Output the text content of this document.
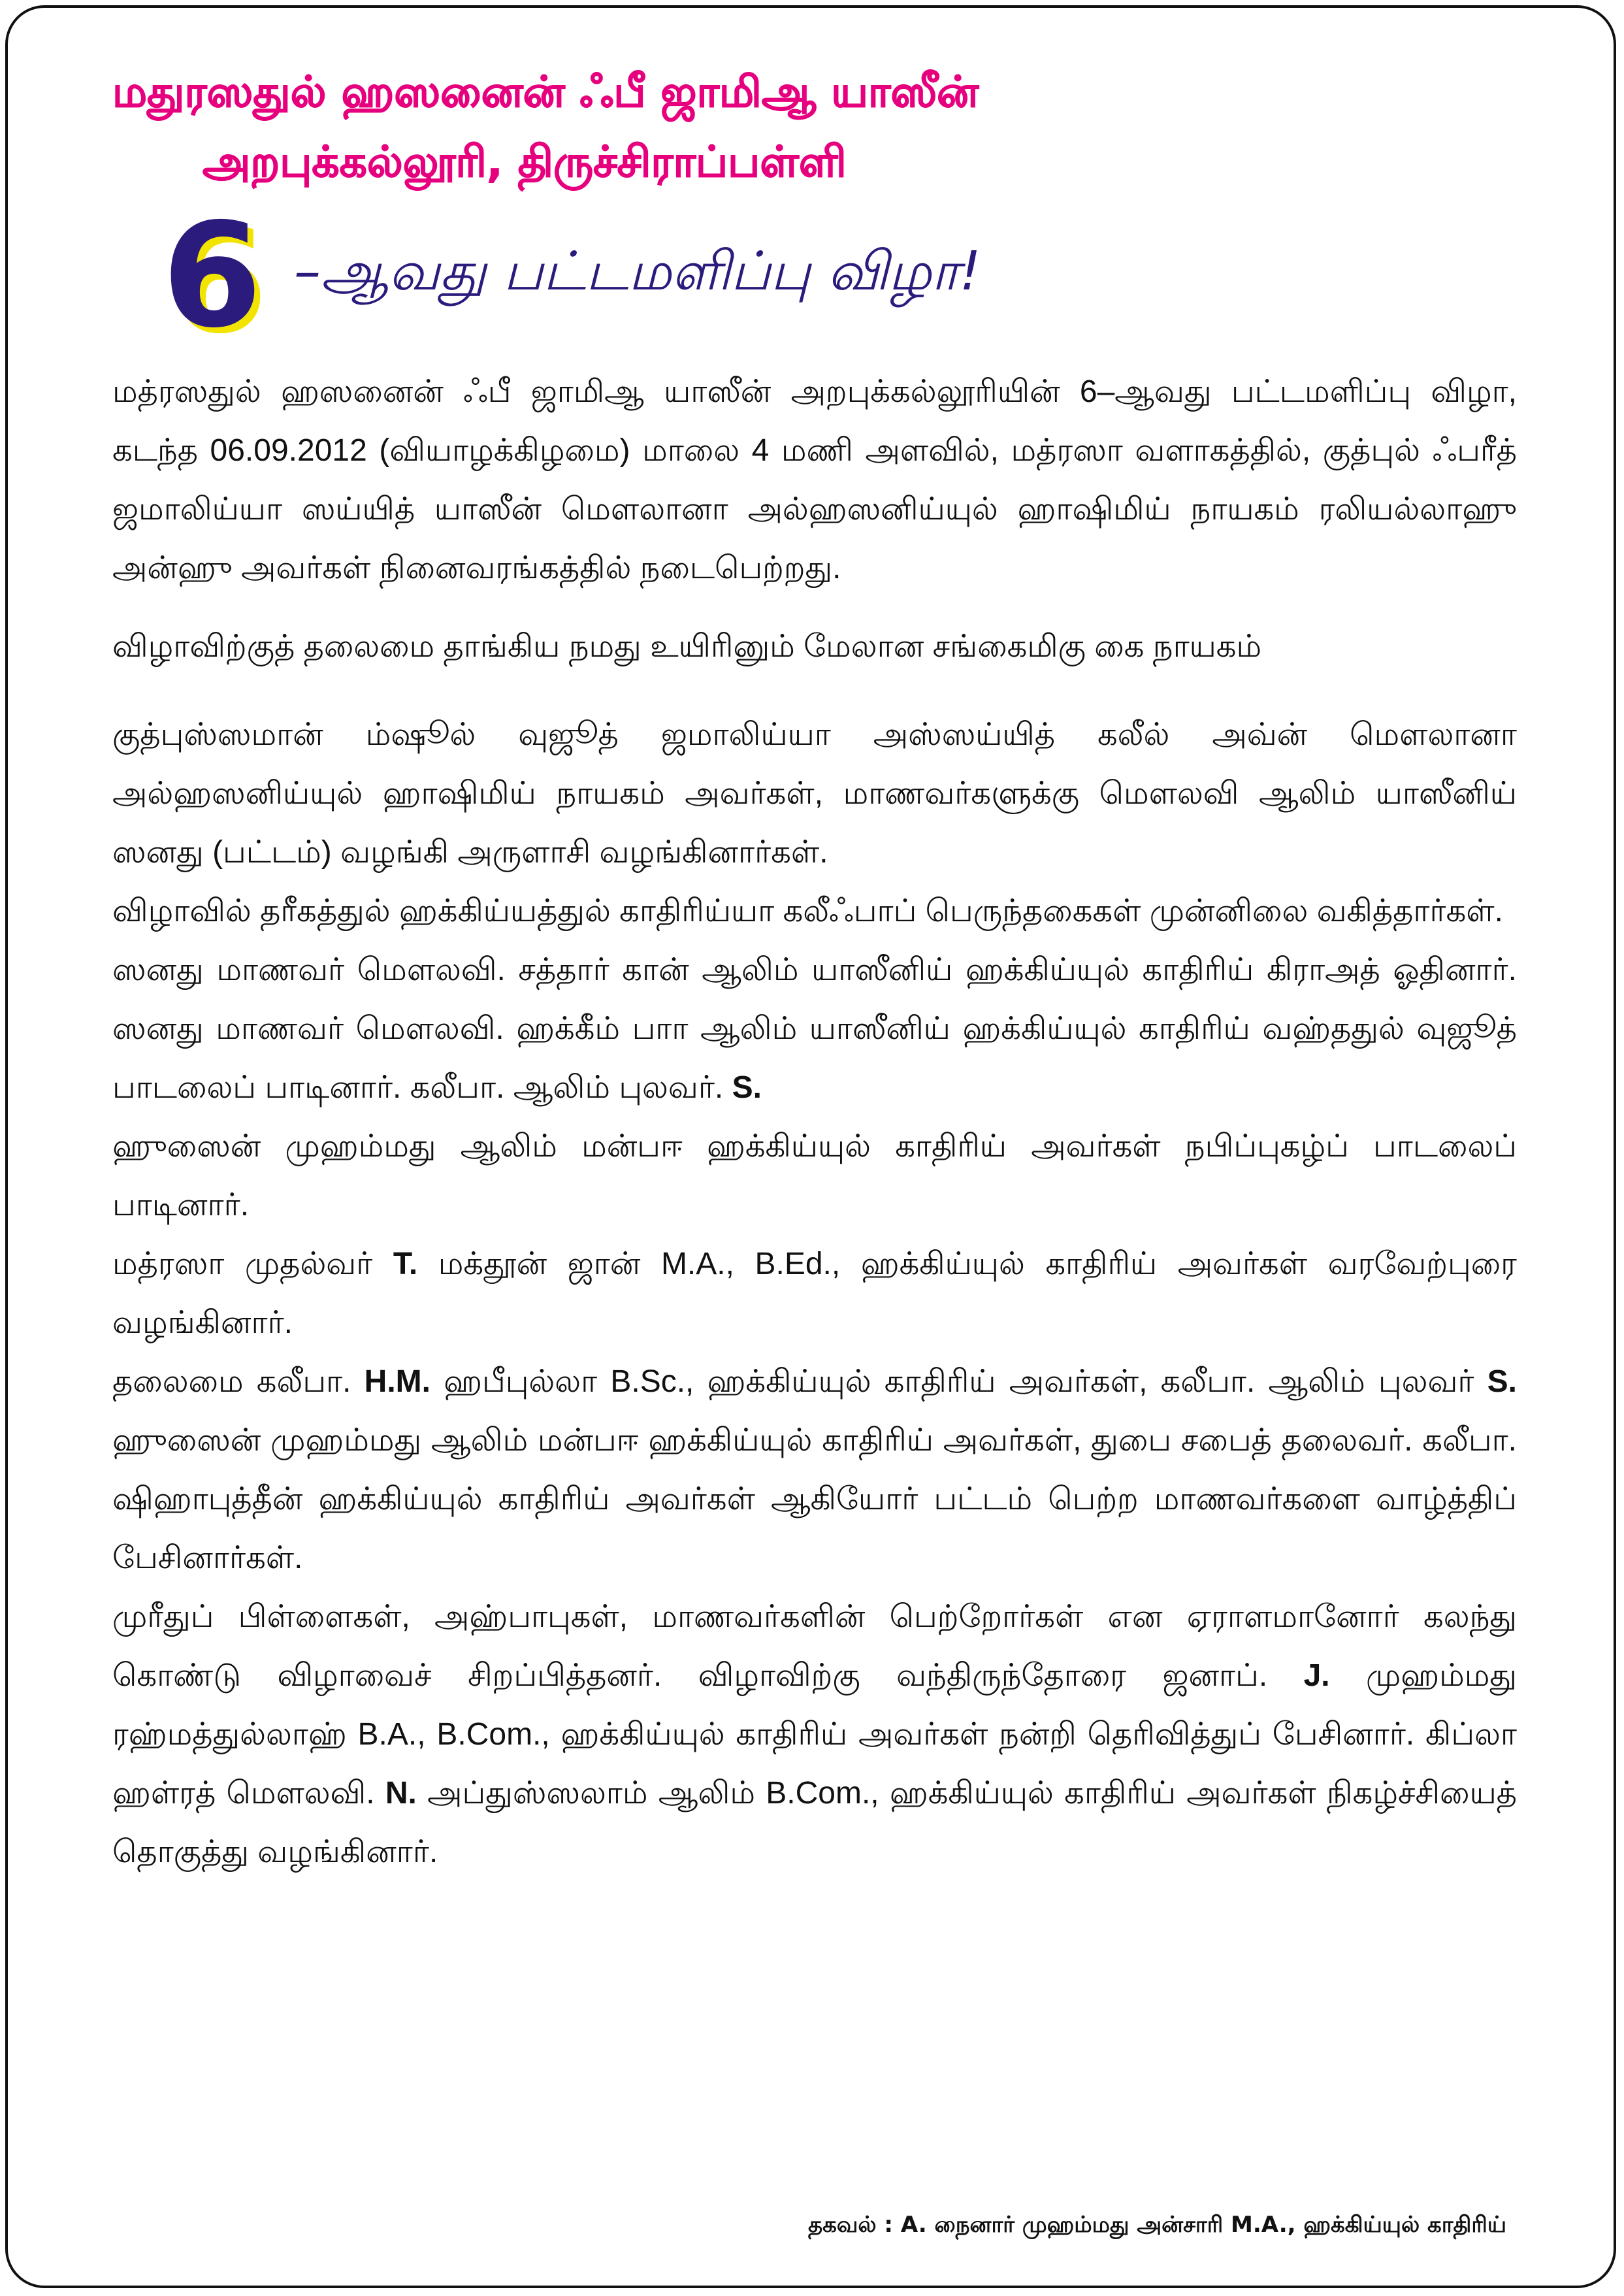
மதுரஸதுல் ஹஸனைன் ஃபீ ஜாமிஆ யாஸீன்
அறபுக்கல்லூரி, திருச்சிராப்பள்ளி
6 –ஆவது பட்டமளிப்பு விழா!

மத்ரஸதுல் ஹஸனைன் ஃபீ ஜாமிஆ யாஸீன் அறபுக்கல்லூரியின் 6–ஆவது பட்டமளிப்பு விழா, கடந்த 06.09.2012 (வியாழக்கிழமை) மாலை 4 மணி அளவில், மத்ரஸா வளாகத்தில், குத்புல் ஃபரீத் ஜமாலிய்யா ஸய்யித் யாஸீன் மௌலானா அல்ஹஸனிய்யுல் ஹாஷிமிய் நாயகம் ரலியல்லாஹு அன்ஹு அவர்கள் நினைவரங்கத்தில் நடைபெற்றது.

விழாவிற்குத் தலைமை தாங்கிய நமது உயிரினும் மேலான சங்கைமிகு கை நாயகம்

குத்புஸ்ஸமான் ம்ஷூல் வுஜூத் ஜமாலிய்யா அஸ்ஸய்யித் கலீல் அவ்ன் மௌலானா அல்ஹஸனிய்யுல் ஹாஷிமிய் நாயகம் அவர்கள், மாணவர்களுக்கு மௌலவி ஆலிம் யாஸீனிய் ஸனது (பட்டம்) வழங்கி அருளாசி வழங்கினார்கள்.

விழாவில் தரீகத்துல் ஹக்கிய்யத்துல் காதிரிய்யா கலீஃபாப் பெருந்தகைகள் முன்னிலை வகித்தார்கள்.

ஸனது மாணவர் மௌலவி. சத்தார் கான் ஆலிம் யாஸீனிய் ஹக்கிய்யுல் காதிரிய் கிராஅத் ஓதினார். ஸனது மாணவர் மௌலவி. ஹக்கீம் பாா ஆலிம் யாஸீனிய் ஹக்கிய்யுல் காதிரிய் வஹ்ததுல் வுஜூத் பாடலைப் பாடினார். கலீபா. ஆலிம் புலவர். S.
ஹுஸைன் முஹம்மது ஆலிம் மன்பஈ ஹக்கிய்யுல் காதிரிய் அவர்கள் நபிப்புகழ்ப் பாடலைப் பாடினார்.

மத்ரஸா முதல்வர் T. மக்தூன் ஜான் M.A., B.Ed., ஹக்கிய்யுல் காதிரிய் அவர்கள் வரவேற்புரை வழங்கினார்.

தலைமை கலீபா. H.M. ஹபீபுல்லா B.Sc., ஹக்கிய்யுல் காதிரிய் அவர்கள், கலீபா. ஆலிம் புலவர் S. ஹுஸைன் முஹம்மது ஆலிம் மன்பஈ ஹக்கிய்யுல் காதிரிய் அவர்கள், துபை சபைத் தலைவர். கலீபா. ஷிஹாபுத்தீன் ஹக்கிய்யுல் காதிரிய் அவர்கள் ஆகியோர் பட்டம் பெற்ற மாணவர்களை வாழ்த்திப் பேசினார்கள்.

முரீதுப் பிள்ளைகள், அஹ்பாபுகள், மாணவர்களின் பெற்றோர்கள் என ஏராளமானோர் கலந்து கொண்டு விழாவைச் சிறப்பித்தனர். விழாவிற்கு வந்திருந்தோரை ஜனாப். J. முஹம்மது ரஹ்மத்துல்லாஹ் B.A., B.Com., ஹக்கிய்யுல் காதிரிய் அவர்கள் நன்றி தெரிவித்துப் பேசினார். கிப்லா ஹள்ரத் மௌலவி. N. அப்துஸ்ஸலாம் ஆலிம் B.Com., ஹக்கிய்யுல் காதிரிய் அவர்கள் நிகழ்ச்சியைத் தொகுத்து வழங்கினார்.

தகவல் : A. நைனார் முஹம்மது அன்சாரி M.A., ஹக்கிய்யுல் காதிரிய்
